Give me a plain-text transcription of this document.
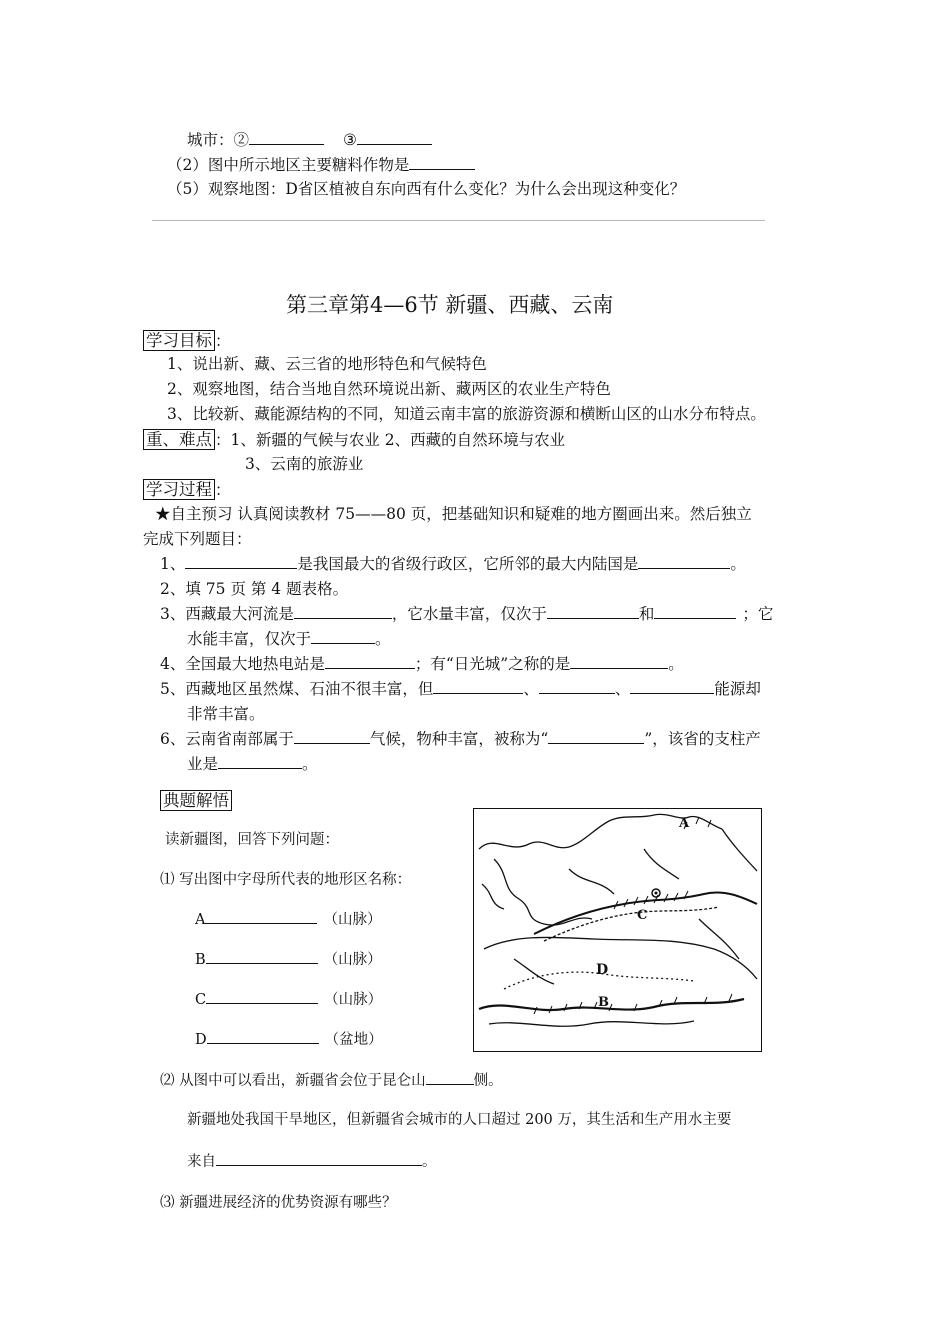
城市：②	③
（2）图中所示地区主要糖料作物是
（5）观察地图：D省区植被自东向西有什么变化？为什么会出现这种变化？
第三章第4—6节 新疆、西藏、云南
学习目标 ：
1、说出新、藏、云三省的地形特色和气候特色
2、观察地图，结合当地自然环境说出新、藏两区的农业生产特色
3、比较新、藏能源结构的不同，知道云南丰富的旅游资源和横断山区的山水分布特点。
重、难点 ：1、新疆的气候与农业 2、西藏的自然环境与农业
3、云南的旅游业
学习过程 ：
★自主预习 认真阅读教材 75——80 页，把基础知识和疑难的地方圈画出来。然后独立
完成下列题目：
1、	是我国最大的省级行政区，它所邻的最大内陆国是	。
2、填 75 页 第 4 题表格。
3、西藏最大河流是	，它水量丰富，仅次于	和	；它
水能丰富，仅次于	。
4、全国最大地热电站是	；有“日光城”之称的是	。
5、西藏地区虽然煤、石油不很丰富，但	、	、	能源却
非常丰富。
6、云南省南部属于	气候，物种丰富，被称为“	”，该省的支柱产
业是	。
典题解悟
读新疆图，回答下列问题：
⑴ 写出图中字母所代表的地形区名称：
A	（山脉）
B	（山脉）
C	（山脉）
D	（盆地）
A
C
D
B
⑵ 从图中可以看出，新疆省会位于昆仑山	侧。
新疆地处我国干旱地区，但新疆省会城市的人口超过 200 万，其生活和生产用水主要
来自	。
⑶ 新疆进展经济的优势资源有哪些？
